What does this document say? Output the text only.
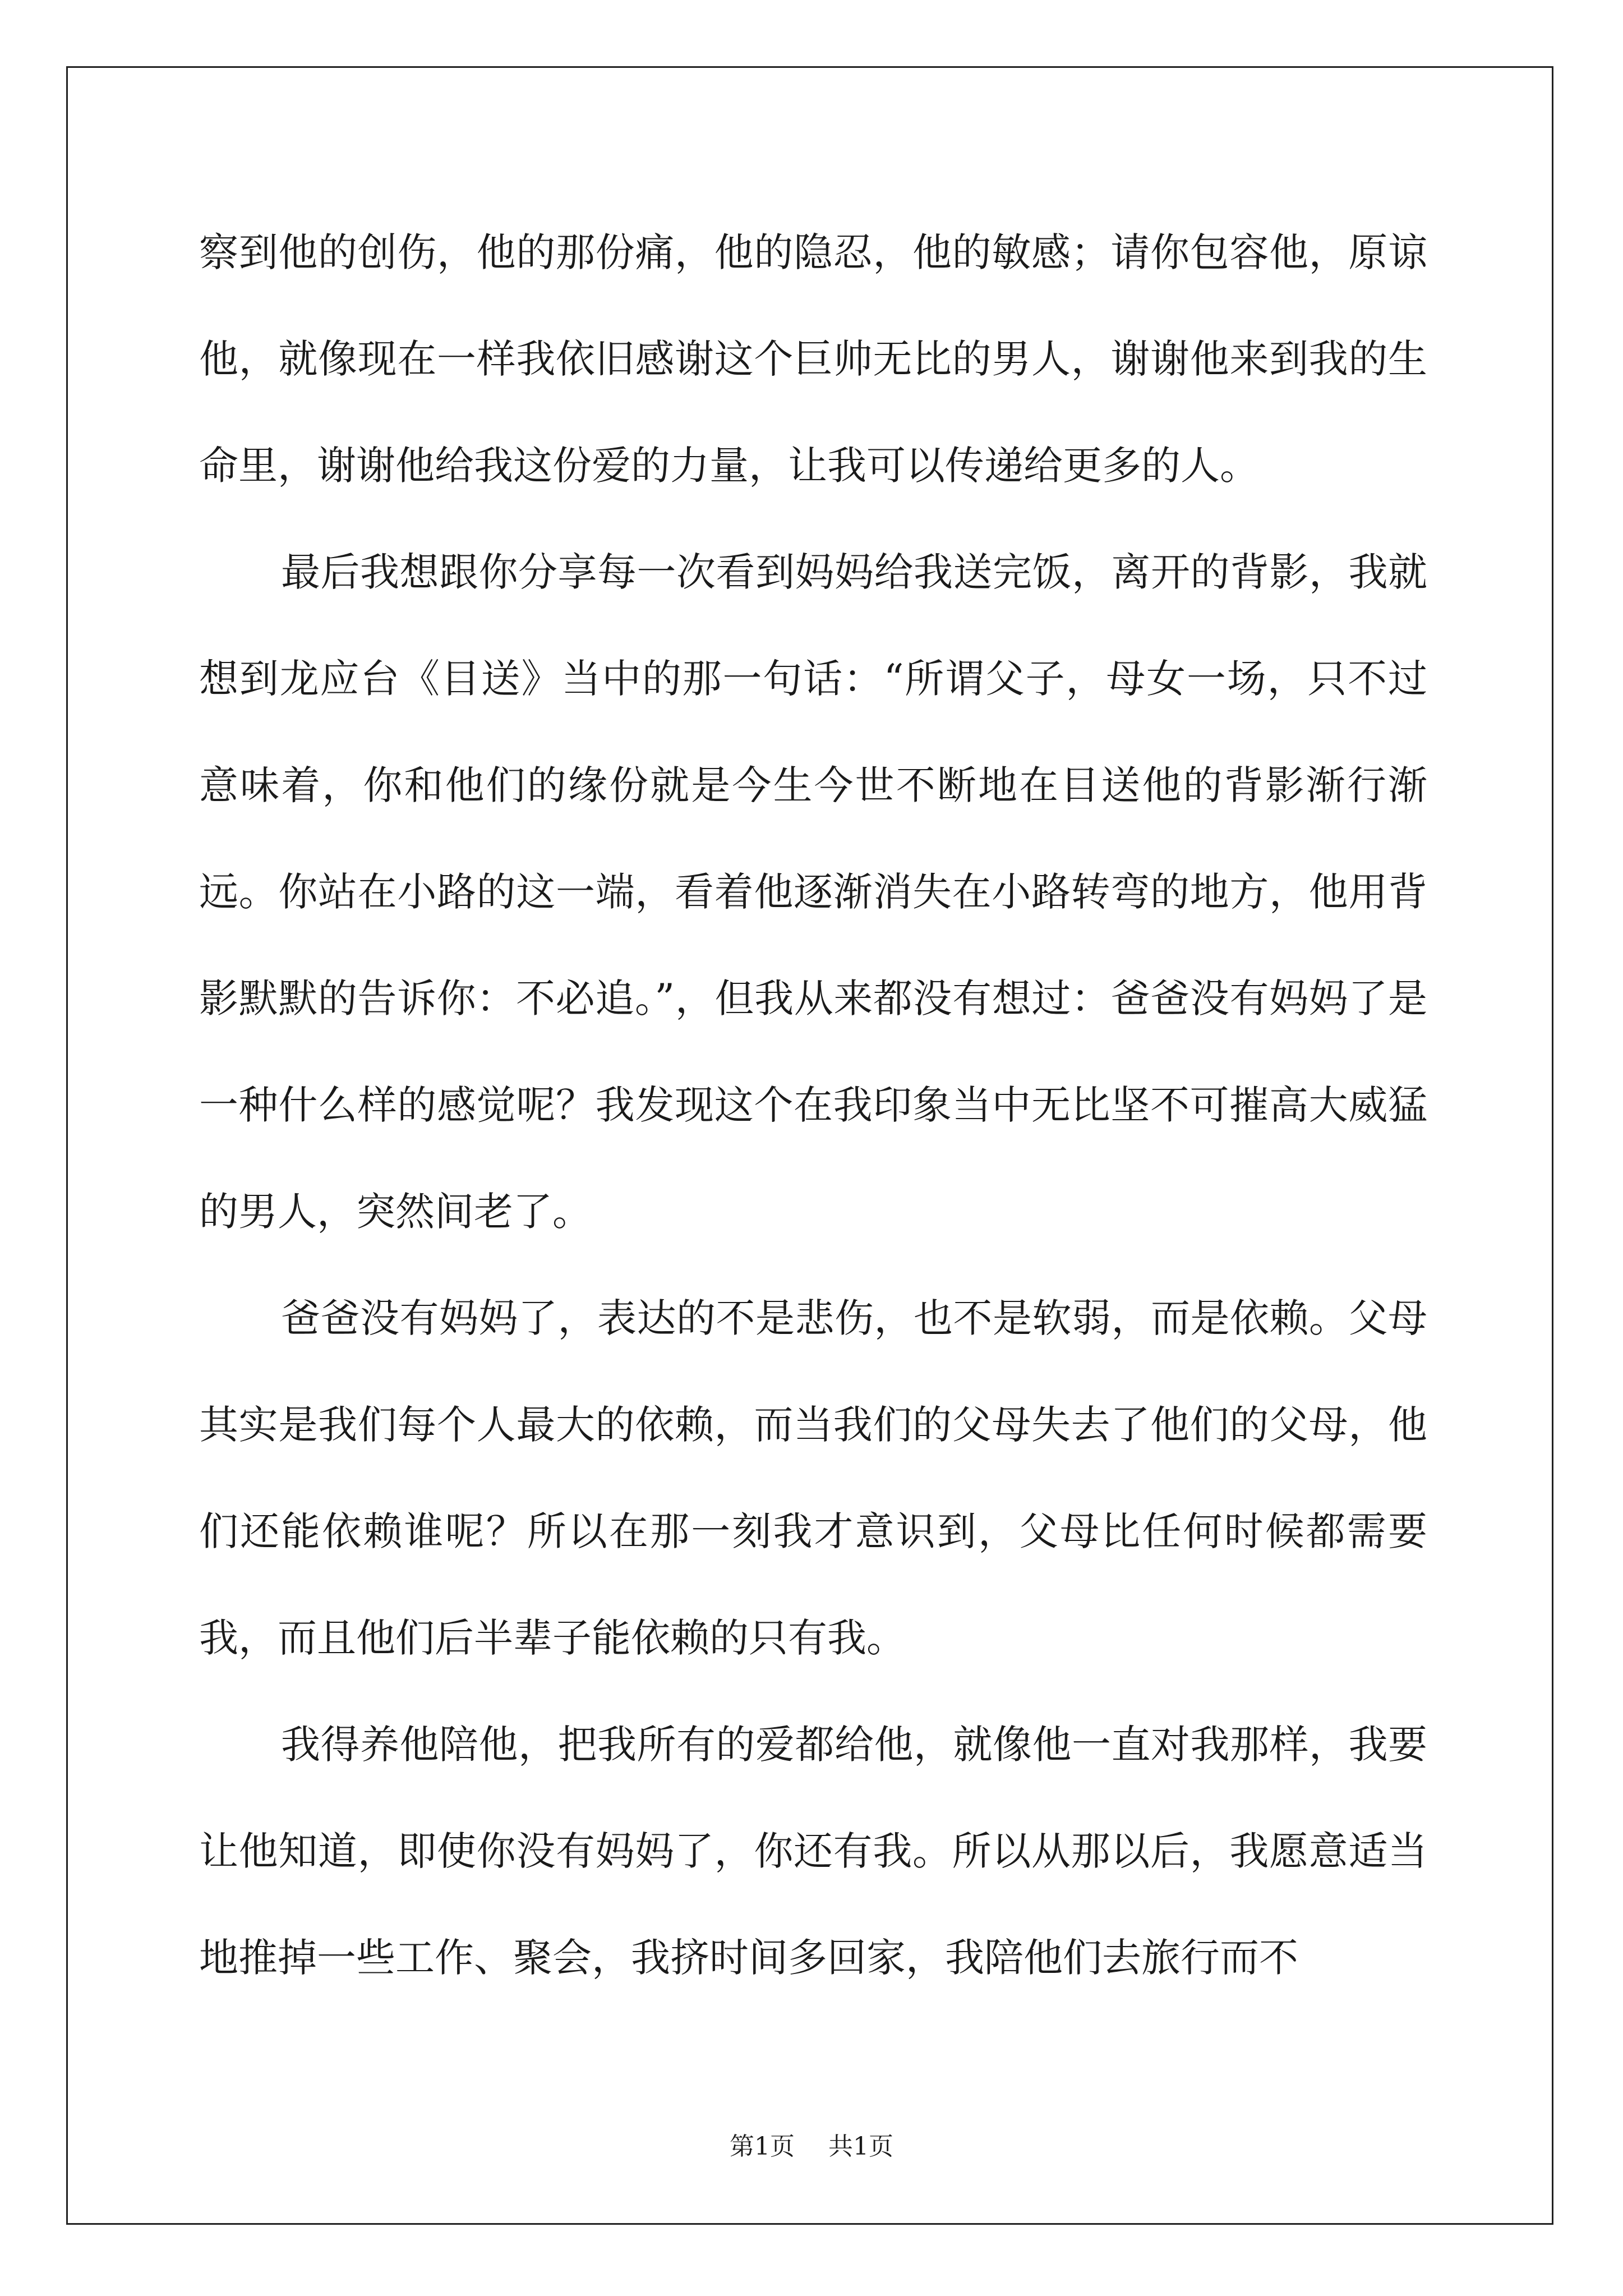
察到他的创伤，他的那份痛，他的隐忍，他的敏感；请你包容他，原谅他，就像现在一样我依旧感谢这个巨帅无比的男人，谢谢他来到我的生命里，谢谢他给我这份爱的力量，让我可以传递给更多的人。

最后我想跟你分享每一次看到妈妈给我送完饭，离开的背影，我就想到龙应台《目送》当中的那一句话：“所谓父子，母女一场，只不过意味着，你和他们的缘份就是今生今世不断地在目送他的背影渐行渐远。你站在小路的这一端，看着他逐渐消失在小路转弯的地方，他用背影默默的告诉你：不必追。”，但我从来都没有想过：爸爸没有妈妈了是一种什么样的感觉呢？我发现这个在我印象当中无比坚不可摧高大威猛的男人，突然间老了。

爸爸没有妈妈了，表达的不是悲伤，也不是软弱，而是依赖。父母其实是我们每个人最大的依赖，而当我们的父母失去了他们的父母，他们还能依赖谁呢？所以在那一刻我才意识到，父母比任何时候都需要我，而且他们后半辈子能依赖的只有我。

我得养他陪他，把我所有的爱都给他，就像他一直对我那样，我要让他知道，即使你没有妈妈了，你还有我。所以从那以后，我愿意适当地推掉一些工作、聚会，我挤时间多回家，我陪他们去旅行而不

第1页 共1页
